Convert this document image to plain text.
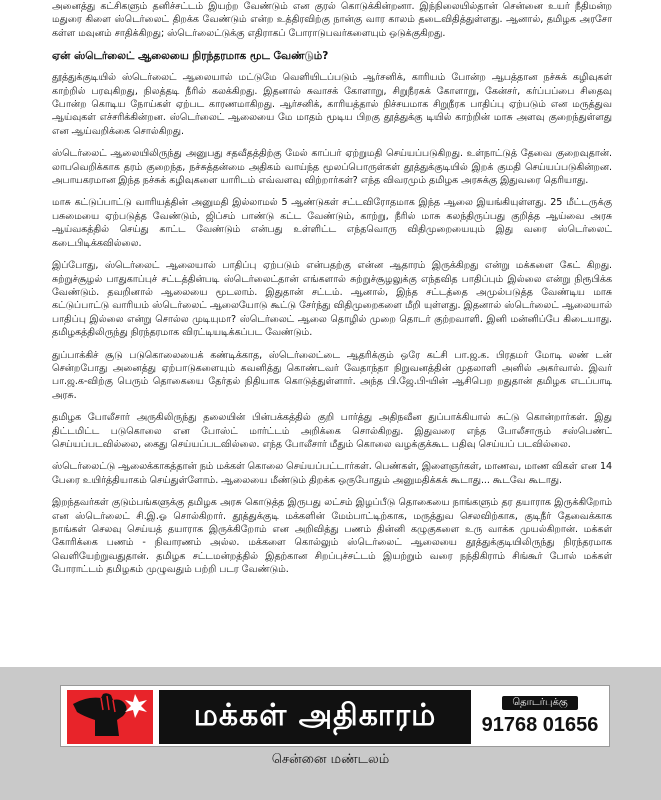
அனைத்து கட்சிகளும் தனிச்சட்டம் இயற்ற வேண்டும் என குரல் கொடுக்கின்றனா. இந்நிலையில்தான் சென்னை உயர் நீதிமன்ற மதுரை கிளை ஸ்டெர்லைட் திறக்க வேண்டும் என்ற உத்திரவிற்கு நான்கு வார காலம் தடைவிதித்துள்ளது. ஆனால், தமிழக அரசோ கள்ள மவுனம் சாதிக்கிறது; ஸ்டெர்லைட்டுக்கு எதிராகப் போராடுபவர்களையும் ஒடுக்குகிறது.

ஏன் ஸ்டெர்லைட் ஆலையை நிரந்தரமாக மூட வேண்டும்?

தூத்துக்குடியில் ஸ்டெர்லைட் ஆலையால் மட்டுமே வெளியிடப்படும் ஆர்சனிக், காரியம் போன்ற ஆபத்தான நச்சுக் கழிவுகள் காற்றில் பரவுகிறது, நிலத்தடி நீரில் கலக்கிறது. இதனால் சுவாசக் கோளாறு, சிறுநீரகக் கோளாறு, கேன்சர், கர்ப்பப்பை சிதைவு போன்ற கொடிய நோய்கள் ஏற்பட காரணமாகிறது. ஆர்சனிக், காரியத்தால் நிச்சயமாக சிறுநீரக பாதிப்பு ஏற்படும் என மருத்துவ ஆய்வுகள் எச்சரிக்கின்றன. ஸ்டெர்லைட் ஆலையை மே மாதம் மூடிய பிறகு தூத்துக்கு டியில் காற்றின் மாசு அளவு குறைந்துள்ளது என ஆய்வறிக்கை சொல்கிறது.

ஸ்டெர்லைட் ஆலையிலிருந்து அனுபது சதவீதத்திற்கு மேல் காப்பர் ஏற்றுமதி செய்யப்படுகிறது. உள்நாட்டுத் தேவை குறைவுதான். லாபவெறிக்காக தரம் குறைந்த, நச்சுத்தன்மை அதிகம் வாய்ந்த மூலப்பொருள்கள் தூத்துக்குடியில் இறக் குமதி செய்யப்படுகின்றன. அபாயகரமான இந்த நச்சுக் கழிவுகளை யாரிடம் எவ்வளவு விற்றார்கள்? எந்த விவரமும் தமிழக அரசுக்கு இதுவரை தெரியாது.

மாசு கட்டுப்பாட்டு வாரியத்தின் அனுமதி இல்லாமல் 5 ஆண்டுகள் சட்டவிரோதமாக இந்த ஆலை இயங்கியுள்ளது. 25 மீட்டருக்கு பசுமையை ஏற்படுத்த வேண்டும், ஜிப்சம் பாண்டு கட்ட வேண்டும், காற்று, நீரில் மாசு கலந்திருப்பது குறித்த ஆய்வை அரசு ஆய்வகத்தில் செய்து காட்ட வேண்டும் என்பது உள்ளிட்ட எந்தவொரு விதிமுறையையும் இது வரை ஸ்டெர்லைட் கடைபிடிக்கவில்லை.

இப்போது, ஸ்டெர்லைட் ஆலையால் பாதிப்பு ஏற்படும் என்பதற்கு என்ன ஆதாரம் இருக்கிறது என்று மக்களை கேட் கிறது. சுற்றுச்சூழல் பாதுகாப்புச் சட்டத்தின்படி ஸ்டெர்லைட்தான் எங்களால் சுற்றுச்சூழலுக்கு எந்தவித பாதிப்பும் இல்லை என்று நிரூபிக்க வேண்டும். தவறினால் ஆலையை மூடலாம். இதுதான் சட்டம். ஆனால், இந்த சட்டத்தை அமுல்படுத்த வேண்டிய மாசு கட்டுப்பாட்டு வாரியம் ஸ்டெர்லைட் ஆலையோடு கூட்டு சேர்ந்து விதிமுறைகளை மீறி யுள்ளது. இதனால் ஸ்டெர்லைட் ஆலையால் பாதிப்பு இல்லை என்று சொல்ல முடியுமா? ஸ்டெர்லைட் ஆலை தொழில் முறை தொடர் குற்றவாளி. இனி மன்னிப்பே கிடையாது. தமிழகத்திலிருந்து நிரந்தரமாக விரட்டியடிக்கப்பட வேண்டும்.

துப்பாக்கிச் சூடு படுகொலையைக் கண்டிக்காத, ஸ்டெர்லைட்டை ஆதரிக்கும் ஒரே கட்சி பா.ஜ.க. பிரதமர் மோடி லண் டன் சென்றபோது அனைத்து ஏற்பாடுகளையும் கவனித்து கொண்டவர் வேதாந்தா நிறுவனத்தின் முதலாளி அனில் அகர்வால். இவர் பா.ஜ.க-விற்கு பெரும் தொகையை தேர்தல் நிதியாக கொடுத்துள்ளார். அந்த பி.ஜே.பி-யின் ஆசிபெற றதுதான் தமிழக எடப்பாடி அரசு.

தமிழக போலீசார் அருகிலிருந்து தலையின் பின்பக்கத்தில் குறி பார்த்து அதிநவீன துப்பாக்கியால் சுட்டு கொன்றார்கள். இது திட்டமிட்ட படுகொலை என போஸ்ட் மார்ட்டம் அறிக்கை சொல்கிறது. இதுவரை எந்த போலீசாரும் சஸ்பெண்ட் செய்யப்படவில்லை, கைது செய்யப்படவில்லை. எந்த போலீசார் மீதும் கொலை வழக்குக்கூட பதிவு செய்யப் படவில்லை.

ஸ்டெர்லைட்டு ஆலைக்காகத்தான் நம் மக்கள் கொலை செய்யப்பட்டார்கள். பெண்கள், இளைஞர்கள், மாணவ, மாண விகள் என 14 பேரை உயிர்த்தியாகம் செய்துள்ளோம். ஆலையை மீண்டும் திறக்க ஒருபோதும் அனுமதிக்கக் கூடாது... கூடவே கூடாது.

இறந்தவர்கள் குடும்பங்களுக்கு தமிழக அரசு கொடுத்த இருபது லட்சம் இழப்பீடு தொகையை நாங்களும் தர தயாராக இருக்கிறோம் என ஸ்டெர்லைட் சி.இ.ஓ சொல்கிறார். தூத்துக்குடி மக்களின் மேம்பாட்டிற்காக, மருத்துவ செலவிற்காக, குடிநீர் தேவைக்காக நாங்கள் செலவு செய்யத் தயாராக இருக்கிறோம் என அறிவித்து பணம் தின்னி கழுகுகளை உரு வாக்க முயல்கிறான். மக்கள் கோரிக்கை பணம் - நிவாரணம் அல்ல. மக்களை கொல்லும் ஸ்டெர்லைட் ஆலையை தூத்துக்குடியிலிருந்து நிரந்தரமாக வெளியேற்றுவதுதான். தமிழக சட்டமன்றத்தில் இதற்கான சிறப்புச்சட்டம் இயற்றும் வரை நந்திகிராம் சிங்கூர் போல் மக்கள் போராட்டம் தமிழகம் முழுவதும் பற்றி படர வேண்டும்.

மக்கள் அதிகாரம்	தொடர்புக்கு
91768 01656
சென்னை மண்டலம்
